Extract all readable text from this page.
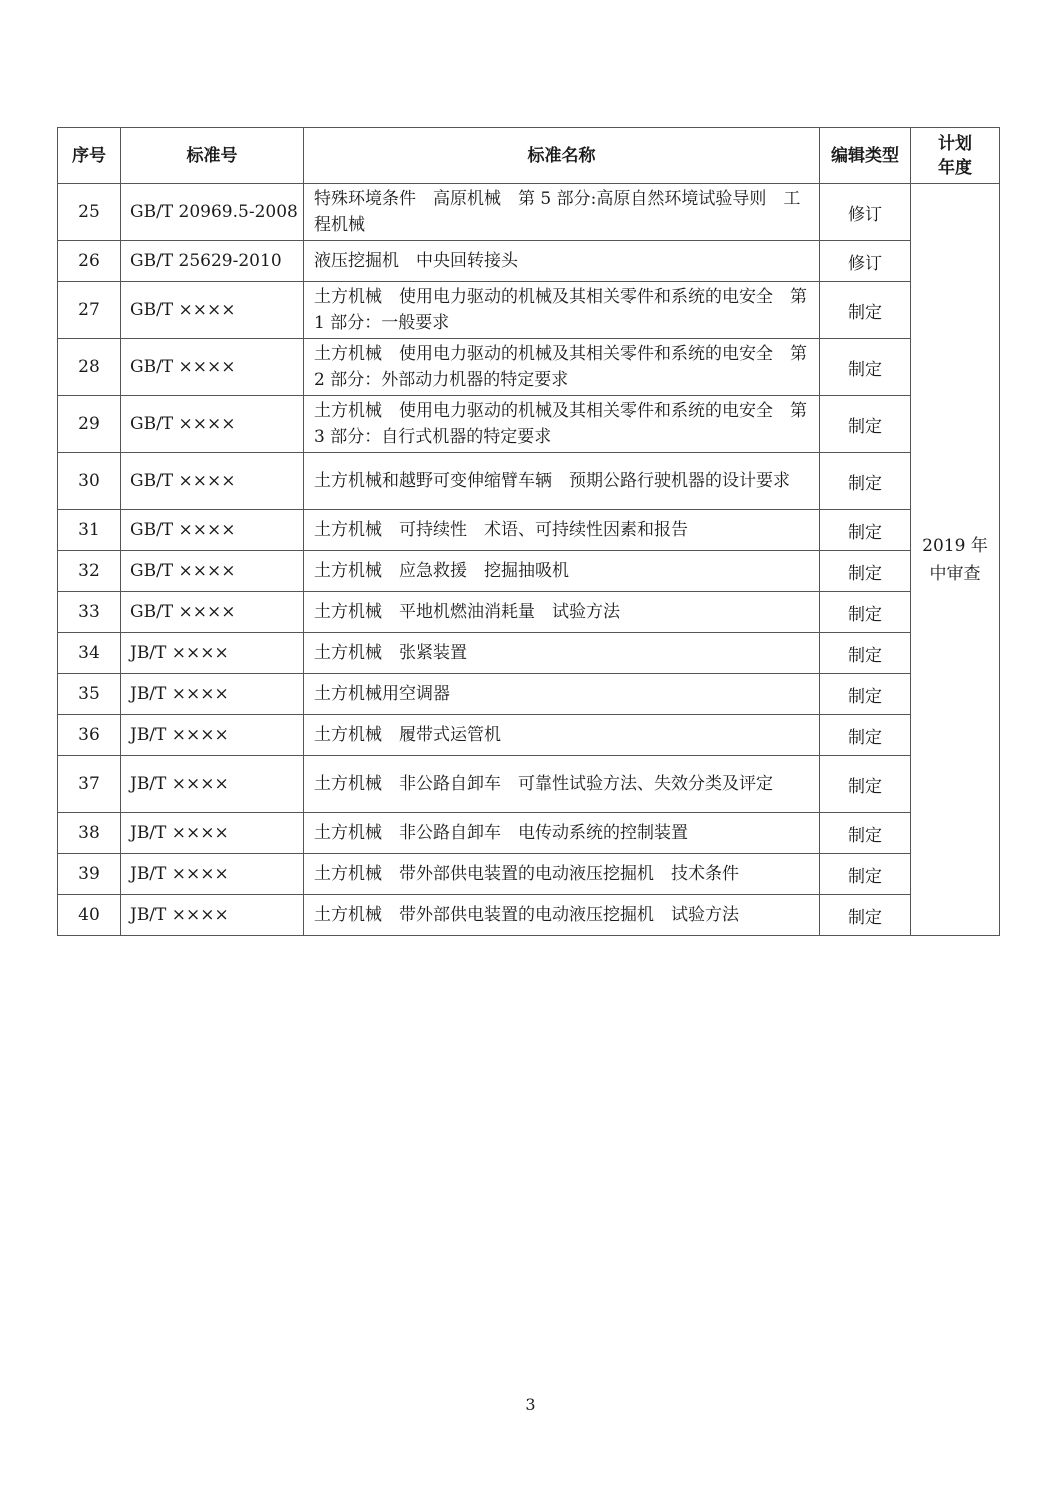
序号	标准号	标准名称	编辑类型	计划
年度
25	GB/T 20969.5-2008	特殊环境条件　高原机械　第 5 部分:高原自然环境试验导则　工程机械	修订	2019 年
中审查
26	GB/T 25629-2010	液压挖掘机　中央回转接头	修订	
27	GB/T ××××	土方机械　使用电力驱动的机械及其相关零件和系统的电安全　第 1 部分：一般要求	制定	
28	GB/T ××××	土方机械　使用电力驱动的机械及其相关零件和系统的电安全　第 2 部分：外部动力机器的特定要求	制定	
29	GB/T ××××	土方机械　使用电力驱动的机械及其相关零件和系统的电安全　第 3 部分：自行式机器的特定要求	制定	
30	GB/T ××××	土方机械和越野可变伸缩臂车辆　预期公路行驶机器的设计要求	制定	
31	GB/T ××××	土方机械　可持续性　术语、可持续性因素和报告	制定	
32	GB/T ××××	土方机械　应急救援　挖掘抽吸机	制定	
33	GB/T ××××	土方机械　平地机燃油消耗量　试验方法	制定	
34	JB/T ××××	土方机械　张紧装置	制定	
35	JB/T ××××	土方机械用空调器	制定	
36	JB/T ××××	土方机械　履带式运管机	制定	
37	JB/T ××××	土方机械　非公路自卸车　可靠性试验方法、失效分类及评定	制定	
38	JB/T ××××	土方机械　非公路自卸车　电传动系统的控制装置	制定	
39	JB/T ××××	土方机械　带外部供电装置的电动液压挖掘机　技术条件	制定	
40	JB/T ××××	土方机械　带外部供电装置的电动液压挖掘机　试验方法	制定	
3
